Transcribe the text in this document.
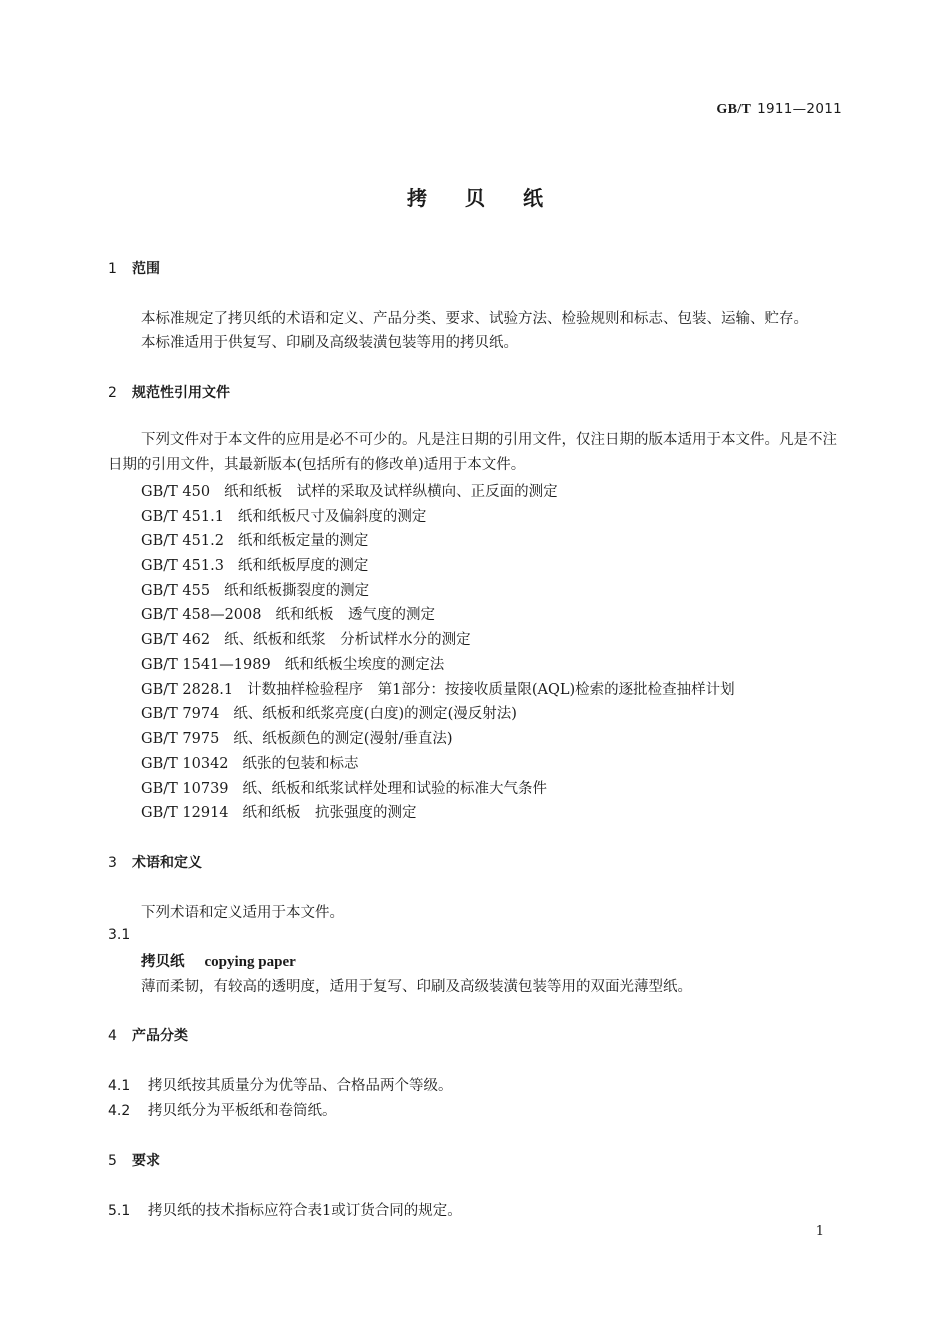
GB/T 1911—2011
拷贝纸
1 范围
本标准规定了拷贝纸的术语和定义、产品分类、要求、试验方法、检验规则和标志、包装、运输、贮存。
本标准适用于供复写、印刷及高级装潢包装等用的拷贝纸。
2 规范性引用文件
下列文件对于本文件的应用是必不可少的。凡是注日期的引用文件，仅注日期的版本适用于本文件。凡是不注日期的引用文件，其最新版本(包括所有的修改单)适用于本文件。
GB/T 450 纸和纸板　试样的采取及试样纵横向、正反面的测定
GB/T 451.1 纸和纸板尺寸及偏斜度的测定
GB/T 451.2 纸和纸板定量的测定
GB/T 451.3 纸和纸板厚度的测定
GB/T 455 纸和纸板撕裂度的测定
GB/T 458—2008 纸和纸板　透气度的测定
GB/T 462 纸、纸板和纸浆　分析试样水分的测定
GB/T 1541—1989 纸和纸板尘埃度的测定法
GB/T 2828.1 计数抽样检验程序　第1部分：按接收质量限(AQL)检索的逐批检查抽样计划
GB/T 7974 纸、纸板和纸浆亮度(白度)的测定(漫反射法)
GB/T 7975 纸、纸板颜色的测定(漫射/垂直法)
GB/T 10342 纸张的包装和标志
GB/T 10739 纸、纸板和纸浆试样处理和试验的标准大气条件
GB/T 12914 纸和纸板　抗张强度的测定
3 术语和定义
下列术语和定义适用于本文件。
3.1
拷贝纸 copying paper
薄而柔韧，有较高的透明度，适用于复写、印刷及高级装潢包装等用的双面光薄型纸。
4 产品分类
4.1 拷贝纸按其质量分为优等品、合格品两个等级。
4.2 拷贝纸分为平板纸和卷筒纸。
5 要求
5.1 拷贝纸的技术指标应符合表1或订货合同的规定。
1
